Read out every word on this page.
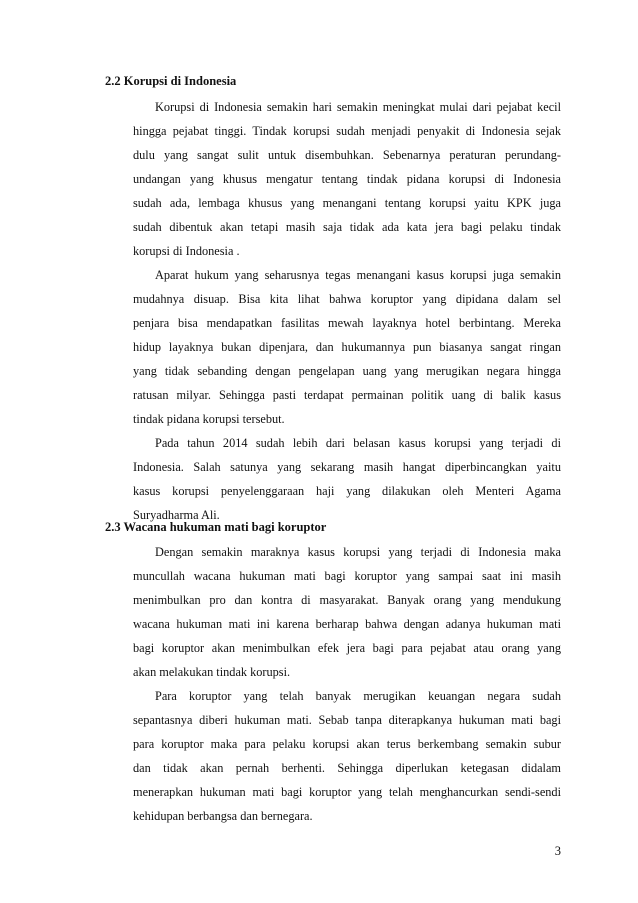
2.2 Korupsi di Indonesia
Korupsi di Indonesia semakin hari semakin meningkat mulai dari pejabat kecil
hingga pejabat tinggi. Tindak korupsi sudah menjadi penyakit di Indonesia sejak
dulu yang sangat sulit untuk disembuhkan. Sebenarnya peraturan perundang-
undangan yang khusus mengatur tentang tindak pidana korupsi di Indonesia
sudah ada, lembaga khusus yang menangani tentang korupsi yaitu KPK juga
sudah dibentuk akan tetapi masih saja tidak ada kata jera bagi pelaku tindak
korupsi di Indonesia .
Aparat hukum yang seharusnya tegas menangani kasus korupsi juga semakin
mudahnya disuap. Bisa kita lihat bahwa koruptor yang dipidana dalam sel
penjara bisa mendapatkan fasilitas mewah layaknya hotel berbintang. Mereka
hidup layaknya bukan dipenjara, dan hukumannya pun biasanya sangat ringan
yang tidak sebanding dengan pengelapan uang yang merugikan negara hingga
ratusan milyar. Sehingga pasti terdapat permainan politik uang di balik kasus
tindak pidana korupsi tersebut.
Pada tahun 2014 sudah lebih dari belasan kasus korupsi yang terjadi di
Indonesia. Salah satunya yang sekarang masih hangat diperbincangkan yaitu
kasus korupsi penyelenggaraan haji yang dilakukan oleh Menteri Agama
Suryadharma Ali.
2.3 Wacana hukuman mati bagi koruptor
Dengan semakin maraknya kasus korupsi yang terjadi di Indonesia maka
muncullah wacana hukuman mati bagi koruptor yang sampai saat ini masih
menimbulkan pro dan kontra di masyarakat. Banyak orang yang mendukung
wacana hukuman mati ini karena berharap bahwa dengan adanya hukuman mati
bagi koruptor akan menimbulkan efek jera bagi para pejabat atau orang yang
akan melakukan tindak korupsi.
Para koruptor yang telah banyak merugikan keuangan negara sudah
sepantasnya diberi hukuman mati. Sebab tanpa diterapkanya hukuman mati bagi
para koruptor maka para pelaku korupsi akan terus berkembang semakin subur
dan tidak akan pernah berhenti. Sehingga diperlukan ketegasan didalam
menerapkan hukuman mati bagi koruptor yang telah menghancurkan sendi-sendi
kehidupan berbangsa dan bernegara.
3
